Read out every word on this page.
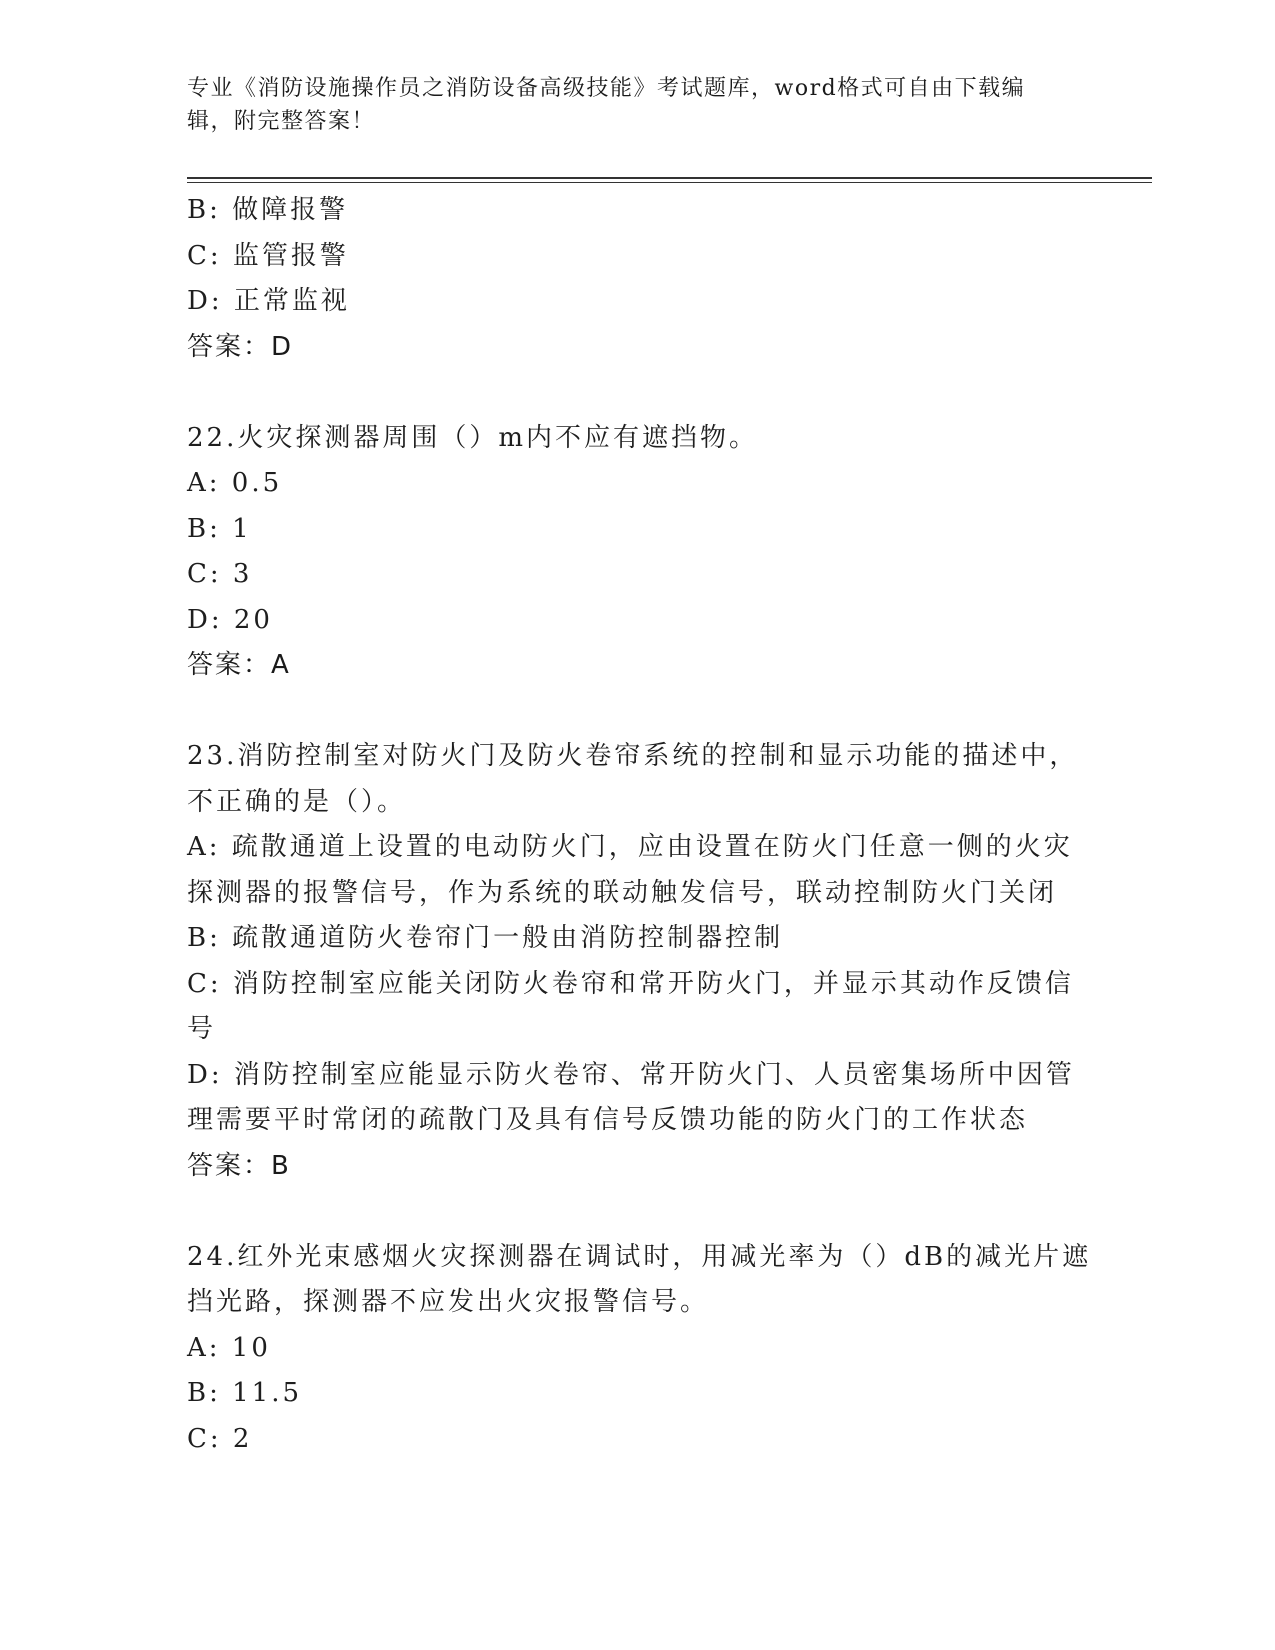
专业《消防设施操作员之消防设备高级技能》考试题库，word格式可自由下载编
辑，附完整答案！
B: 做障报警
C: 监管报警
D: 正常监视
答案：D
22.火灾探测器周围（）m内不应有遮挡物。
A: 0.5
B: 1
C: 3
D: 20
答案：A
23.消防控制室对防火门及防火卷帘系统的控制和显示功能的描述中，
不正确的是（）。
A: 疏散通道上设置的电动防火门，应由设置在防火门任意一侧的火灾
探测器的报警信号，作为系统的联动触发信号，联动控制防火门关闭
B: 疏散通道防火卷帘门一般由消防控制器控制
C: 消防控制室应能关闭防火卷帘和常开防火门，并显示其动作反馈信
号
D: 消防控制室应能显示防火卷帘、常开防火门、人员密集场所中因管
理需要平时常闭的疏散门及具有信号反馈功能的防火门的工作状态
答案：B
24.红外光束感烟火灾探测器在调试时，用减光率为（）dB的减光片遮
挡光路，探测器不应发出火灾报警信号。
A: 10
B: 11.5
C: 2
